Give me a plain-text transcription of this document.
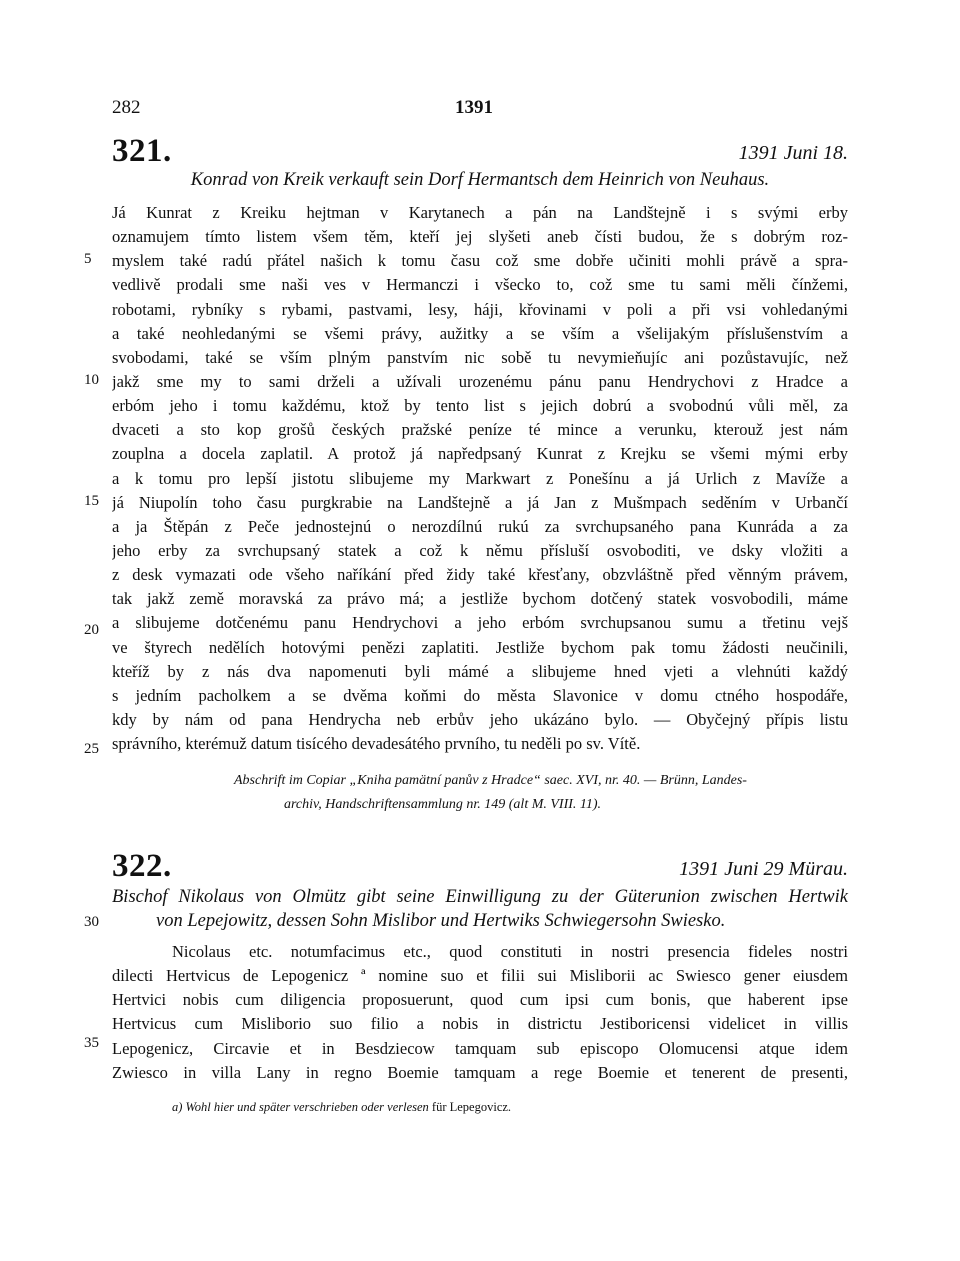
282	1391
321.	1391 Juni 18.
Konrad von Kreik verkauft sein Dorf Hermantsch dem Heinrich von Neuhaus.
Já Kunrat z Kreiku hejtman v Karytanech a pán na Landštejně i s svými erby
oznamujem tímto listem všem těm, kteří jej slyšeti aneb čísti budou, že s dobrým roz-
myslem také radú přátel našich k tomu času což sme dobře učiniti mohli právě a spra-
vedlivě prodali sme naši ves v Hermanczi i všecko to, což sme tu sami měli čínžemi,
robotami, rybníky s rybami, pastvami, lesy, háji, křovinami v poli a při vsi vohledanými
a také neohledanými se všemi právy, aužitky a se vším a všelijakým příslušenstvím a
svobodami, také se vším plným panstvím nic sobě tu nevymieňujíc ani pozůstavujíc, než
jakž sme my to sami drželi a užívali urozenému pánu panu Hendrychovi z Hradce a
erbóm jeho i tomu každému, ktož by tento list s jejich dobrú a svobodnú vůli měl, za
dvaceti a sto kop grošů českých pražské peníze té mince a verunku, kterouž jest nám
zouplna a docela zaplatil. A protož já napředpsaný Kunrat z Krejku se všemi mými erby
a k tomu pro lepší jistotu slibujeme my Markwart z Ponešínu a já Urlich z Mavíže a
já Niupolín toho času purgkrabie na Landštejně a já Jan z Mušmpach seděním v Urbančí
a ja Štěpán z Peče jednostejnú o nerozdílnú rukú za svrchupsaného pana Kunráda a za
jeho erby za svrchupsaný statek a což k němu přísluší osvoboditi, ve dsky vložiti a
z desk vymazati ode všeho naříkání před židy také křesťany, obzvláštně před věnným právem,
tak jakž země moravská za právo má; a jestliže bychom dotčený statek vosvobodili, máme
a slibujeme dotčenému panu Hendrychovi a jeho erbóm svrchupsanou sumu a třetinu vejš
ve štyrech nedělích hotovými penězi zaplatiti. Jestliže bychom pak tomu žádosti neučinili,
kteříž by z nás dva napomenuti byli mámé a slibujeme hned vjeti a vlehnúti každý
s jedním pacholkem a se dvěma koňmi do města Slavonice v domu ctného hospodáře,
kdy by nám od pana Hendrycha neb erbův jeho ukázáno bylo. — Obyčejný přípis listu
správního, kterémuž datum tisícého devadesátého prvního, tu neděli po sv. Vítě.
Abschrift im Copiar „Kniha pamätní panův z Hradce“ saec. XVI, nr. 40. — Brünn, Landes-
archiv, Handschriftensammlung nr. 149 (alt M. VIII. 11).
322.	1391 Juni 29 Mürau.
Bischof Nikolaus von Olmütz gibt seine Einwilligung zu der Güterunion zwischen Hertwik
von Lepejowitz, dessen Sohn Mislibor und Hertwiks Schwiegersohn Swiesko.
Nicolaus etc. notumfacimus etc., quod constituti in nostri presencia fideles nostri
dilecti Hertvicus de Lepogenicz ª nomine suo et filii sui Misliborii ac Swiesco gener eiusdem
Hertvici nobis cum diligencia proposuerunt, quod cum ipsi cum bonis, que haberent ipse
Hertvicus cum Misliborio suo filio a nobis in districtu Jestiboricensi videlicet in villis
Lepogenicz, Circavie et in Besdziecow tamquam sub episcopo Olomucensi atque idem
Zwiesco in villa Lany in regno Boemie tamquam a rege Boemie et tenerent de presenti,
5
10
15
20
25
30
35
a) Wohl hier und später verschrieben oder verlesen für Lepegovicz.
